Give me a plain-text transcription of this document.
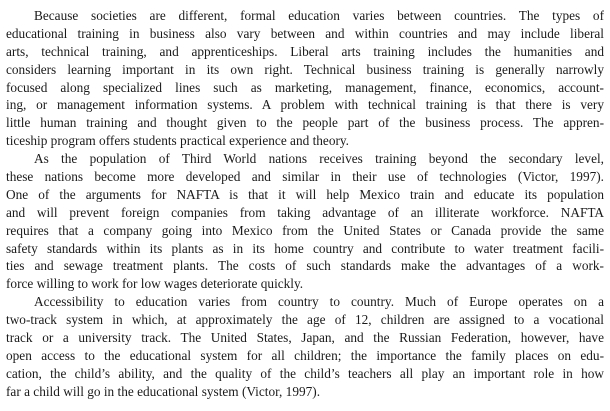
Because societies are different, formal education varies between countries. The types of
educational training in business also vary between and within countries and may include liberal
arts, technical training, and apprenticeships. Liberal arts training includes the humanities and
considers learning important in its own right. Technical business training is generally narrowly
focused along specialized lines such as marketing, management, finance, economics, account-
ing, or management information systems. A problem with technical training is that there is very
little human training and thought given to the people part of the business process. The appren-
ticeship program offers students practical experience and theory.
As the population of Third World nations receives training beyond the secondary level,
these nations become more developed and similar in their use of technologies (Victor, 1997).
One of the arguments for NAFTA is that it will help Mexico train and educate its population
and will prevent foreign companies from taking advantage of an illiterate workforce. NAFTA
requires that a company going into Mexico from the United States or Canada provide the same
safety standards within its plants as in its home country and contribute to water treatment facili-
ties and sewage treatment plants. The costs of such standards make the advantages of a work-
force willing to work for low wages deteriorate quickly.
Accessibility to education varies from country to country. Much of Europe operates on a
two-track system in which, at approximately the age of 12, children are assigned to a vocational
track or a university track. The United States, Japan, and the Russian Federation, however, have
open access to the educational system for all children; the importance the family places on edu-
cation, the child’s ability, and the quality of the child’s teachers all play an important role in how
far a child will go in the educational system (Victor, 1997).
